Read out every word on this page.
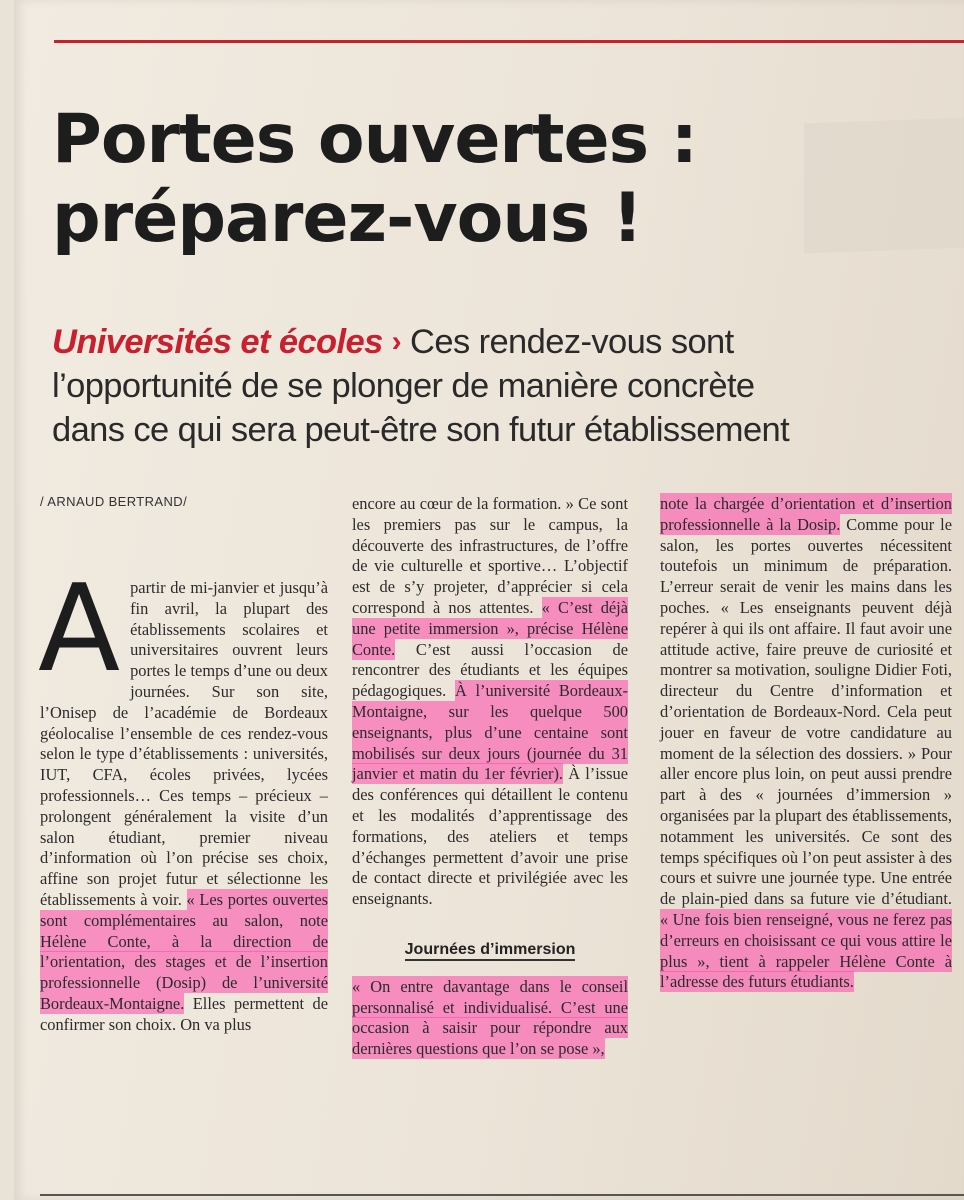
Portes ouvertes :
préparez-vous !
Universités et écoles › Ces rendez-vous sont
l’opportunité de se plonger de manière concrète
dans ce qui sera peut-être son futur établissement
/ ARNAUD BERTRAND/

Apartir de mi-janvier et jusqu’à fin avril, la plupart des établissements scolaires et universitaires ouvrent leurs portes le temps d’une ou deux journées. Sur son site, l’Onisep de l’académie de Bordeaux géolocalise l’ensemble de ces rendez-vous selon le type d’établissements : universités, IUT, CFA, écoles privées, lycées professionnels… Ces temps – précieux – prolongent généralement la visite d’un salon étudiant, premier niveau d’information où l’on précise ses choix, affine son projet futur et sélectionne les établissements à voir. « Les portes ouvertes sont complémentaires au salon, note Hélène Conte, à la direction de l’orientation, des stages et de l’insertion professionnelle (Dosip) de l’université Bordeaux-Montaigne. Elles permettent de confirmer son choix. On va plus

encore au cœur de la formation. » Ce sont les premiers pas sur le campus, la découverte des infrastructures, de l’offre de vie culturelle et sportive… L’objectif est de s’y projeter, d’apprécier si cela correspond à nos attentes. « C’est déjà une petite immersion », précise Hélène Conte. C’est aussi l’occasion de rencontrer des étudiants et les équipes pédagogiques. À l’université Bordeaux-Montaigne, sur les quelque 500 enseignants, plus d’une centaine sont mobilisés sur deux jours (journée du 31 janvier et matin du 1er février). À l’issue des conférences qui détaillent le contenu et les modalités d’apprentissage des formations, des ateliers et temps d’échanges permettent d’avoir une prise de contact directe et privilégiée avec les enseignants.

Journées d’immersion

« On entre davantage dans le conseil personnalisé et individualisé. C’est une occasion à saisir pour répondre aux dernières questions que l’on se pose »,

note la chargée d’orientation et d’insertion professionnelle à la Dosip. Comme pour le salon, les portes ouvertes nécessitent toutefois un minimum de préparation. L’erreur serait de venir les mains dans les poches. « Les enseignants peuvent déjà repérer à qui ils ont affaire. Il faut avoir une attitude active, faire preuve de curiosité et montrer sa motivation, souligne Didier Foti, directeur du Centre d’information et d’orientation de Bordeaux-Nord. Cela peut jouer en faveur de votre candidature au moment de la sélection des dossiers. » Pour aller encore plus loin, on peut aussi prendre part à des « journées d’immersion » organisées par la plupart des établissements, notamment les universités. Ce sont des temps spécifiques où l’on peut assister à des cours et suivre une journée type. Une entrée de plain-pied dans sa future vie d’étudiant. « Une fois bien renseigné, vous ne ferez pas d’erreurs en choisissant ce qui vous attire le plus », tient à rappeler Hélène Conte à l’adresse des futurs étudiants.
